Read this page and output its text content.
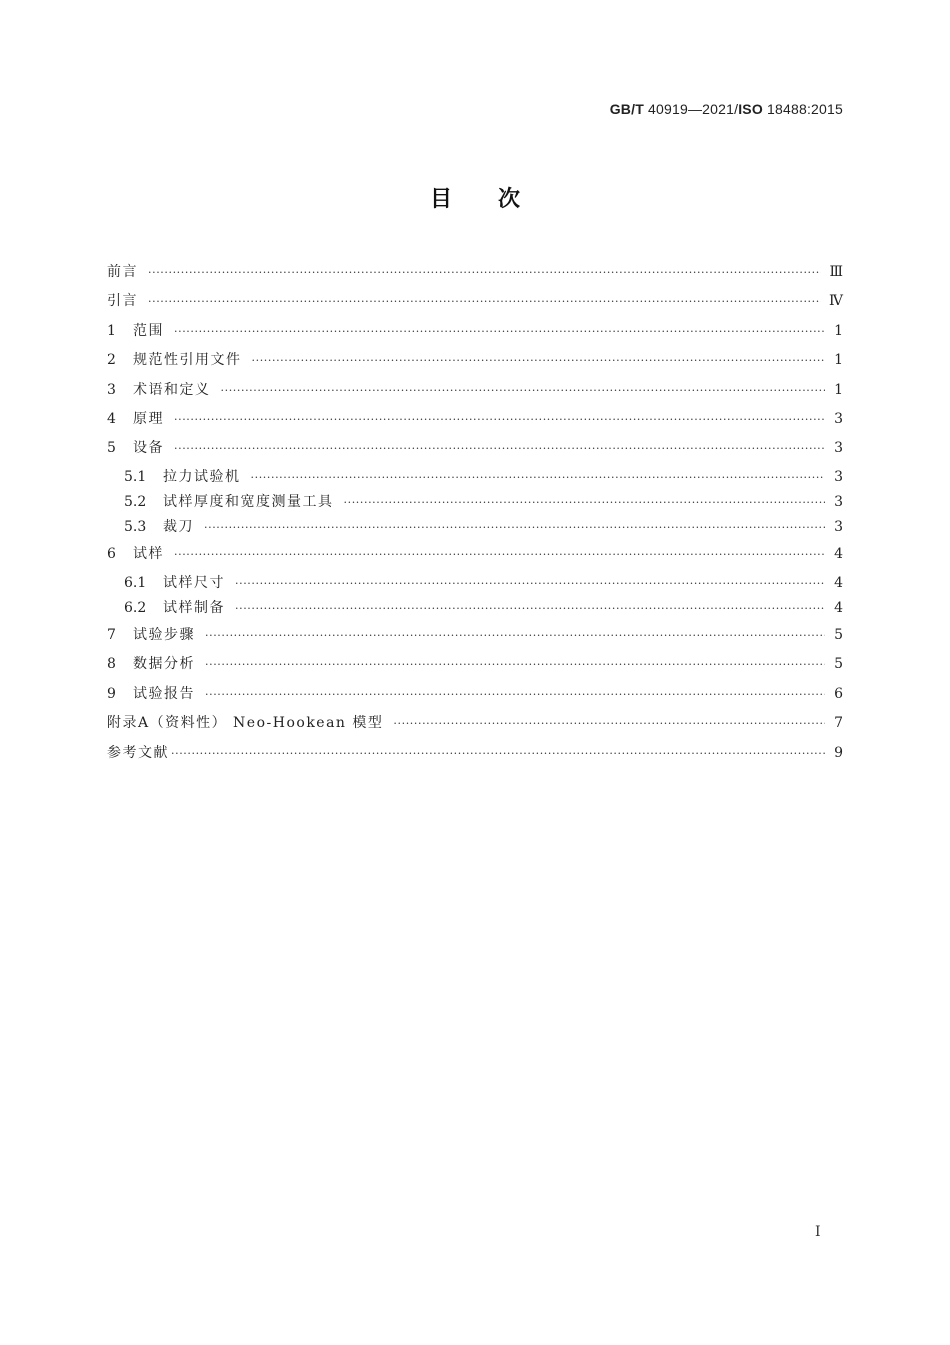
GB/T 40919—2021/ISO 18488:2015
目次
前言 ·····	Ⅲ
引言 ·····	Ⅳ
1	范围 ·····	1
2	规范性引用文件 ·····	1
3	术语和定义 ·····	1
4	原理 ·····	3
5	设备 ·····	3
5.1	拉力试验机 ·····	3
5.2	试样厚度和宽度测量工具 ·····	3
5.3	裁刀 ·····	3
6	试样 ·····	4
6.1	试样尺寸 ·····	4
6.2	试样制备 ·····	4
7	试验步骤 ·····	5
8	数据分析 ·····	5
9	试验报告 ·····	6
附录A（资料性） Neo-Hookean 模型 ·····	7
参考文献 ·····	9
I
